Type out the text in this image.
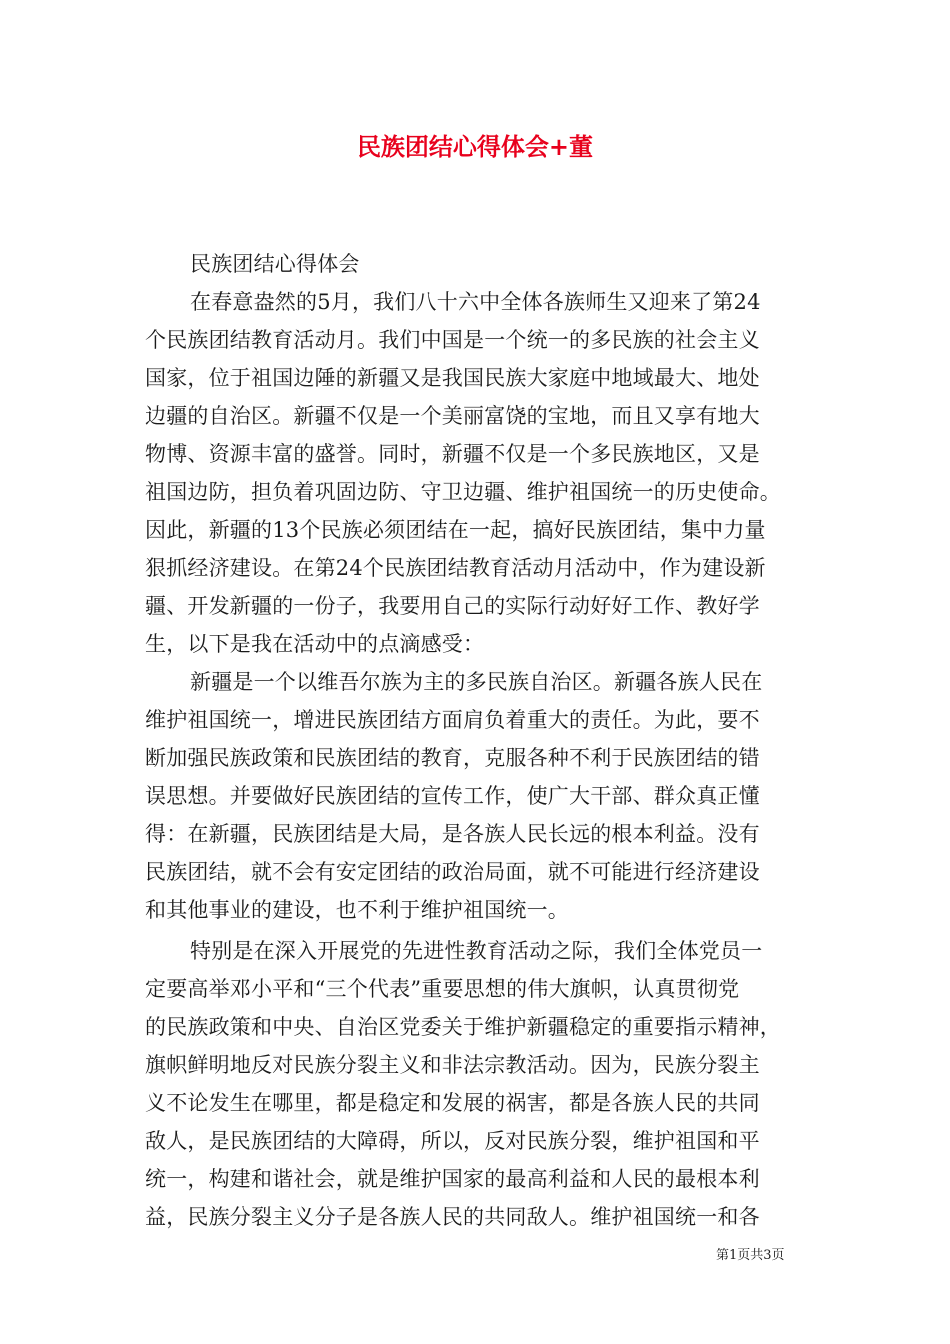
民族团结心得体会+董
民族团结心得体会
在春意盎然的5月，我们八十六中全体各族师生又迎来了第24
个民族团结教育活动月。我们中国是一个统一的多民族的社会主义
国家，位于祖国边陲的新疆又是我国民族大家庭中地域最大、地处
边疆的自治区。新疆不仅是一个美丽富饶的宝地，而且又享有地大
物博、资源丰富的盛誉。同时，新疆不仅是一个多民族地区，又是
祖国边防，担负着巩固边防、守卫边疆、维护祖国统一的历史使命。
因此，新疆的13个民族必须团结在一起，搞好民族团结，集中力量
狠抓经济建设。在第24个民族团结教育活动月活动中，作为建设新
疆、开发新疆的一份子，我要用自己的实际行动好好工作、教好学
生，以下是我在活动中的点滴感受：
新疆是一个以维吾尔族为主的多民族自治区。新疆各族人民在
维护祖国统一，增进民族团结方面肩负着重大的责任。为此，要不
断加强民族政策和民族团结的教育，克服各种不利于民族团结的错
误思想。并要做好民族团结的宣传工作，使广大干部、群众真正懂
得：在新疆，民族团结是大局，是各族人民长远的根本利益。没有
民族团结，就不会有安定团结的政治局面，就不可能进行经济建设
和其他事业的建设，也不利于维护祖国统一。
特别是在深入开展党的先进性教育活动之际，我们全体党员一
定要高举邓小平和“三个代表”重要思想的伟大旗帜，认真贯彻党
的民族政策和中央、自治区党委关于维护新疆稳定的重要指示精神，
旗帜鲜明地反对民族分裂主义和非法宗教活动。因为，民族分裂主
义不论发生在哪里，都是稳定和发展的祸害，都是各族人民的共同
敌人，是民族团结的大障碍，所以，反对民族分裂，维护祖国和平
统一，构建和谐社会，就是维护国家的最高利益和人民的最根本利
益，民族分裂主义分子是各族人民的共同敌人。维护祖国统一和各
第1页共3页
